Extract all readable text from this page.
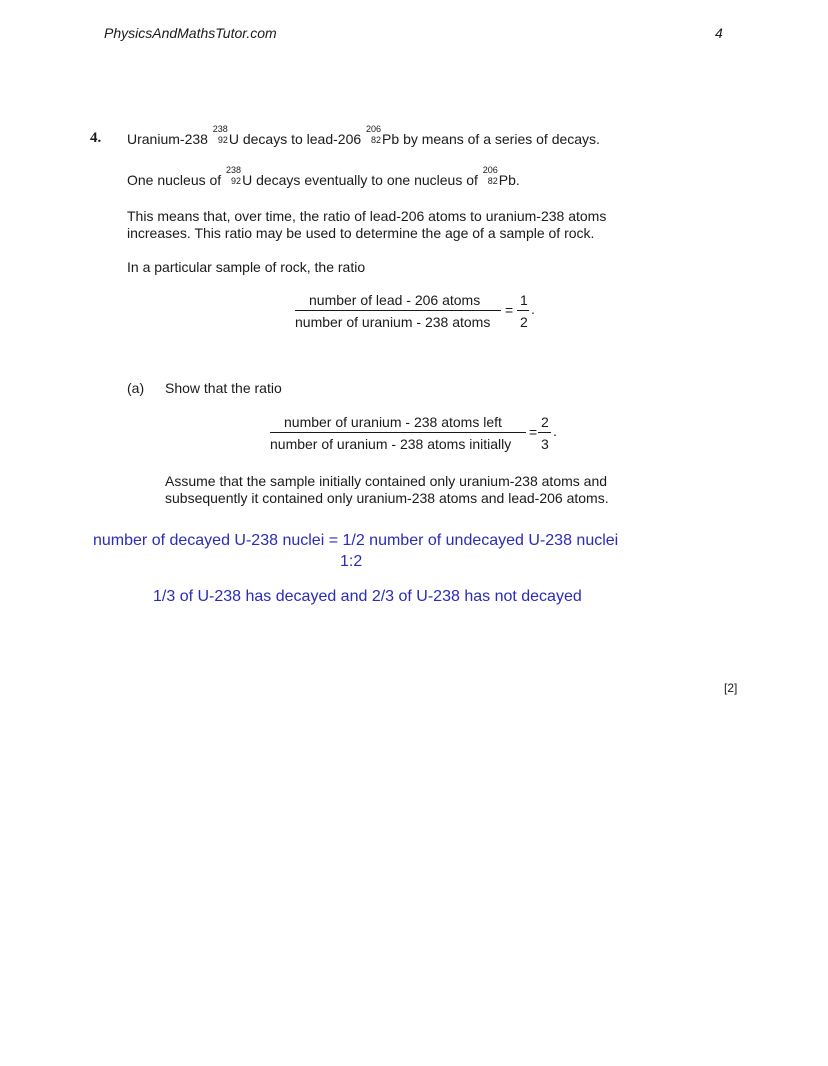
PhysicsAndMathsTutor.com	4
4. Uranium-238
238
92 U decays to lead-206
206
82 Pb by means of a series of decays.
One nucleus of
238
92 U decays eventually to one nucleus of
206
82 Pb.
This means that, over time, the ratio of lead-206 atoms to uranium-238 atoms
increases. This ratio may be used to determine the age of a sample of rock.
In a particular sample of rock, the ratio
number of lead - 206 atoms
number of uranium - 238 atoms
=
1
2
.
(a) Show that the ratio
number of uranium - 238 atoms left
number of uranium - 238 atoms initially
=
2
3
.
Assume that the sample initially contained only uranium-238 atoms and
subsequently it contained only uranium-238 atoms and lead-206 atoms.
number of decayed U-238 nuclei = 1/2 number of undecayed U-238 nuclei
1:2
1/3 of U-238 has decayed and 2/3 of U-238 has not decayed
[2]
